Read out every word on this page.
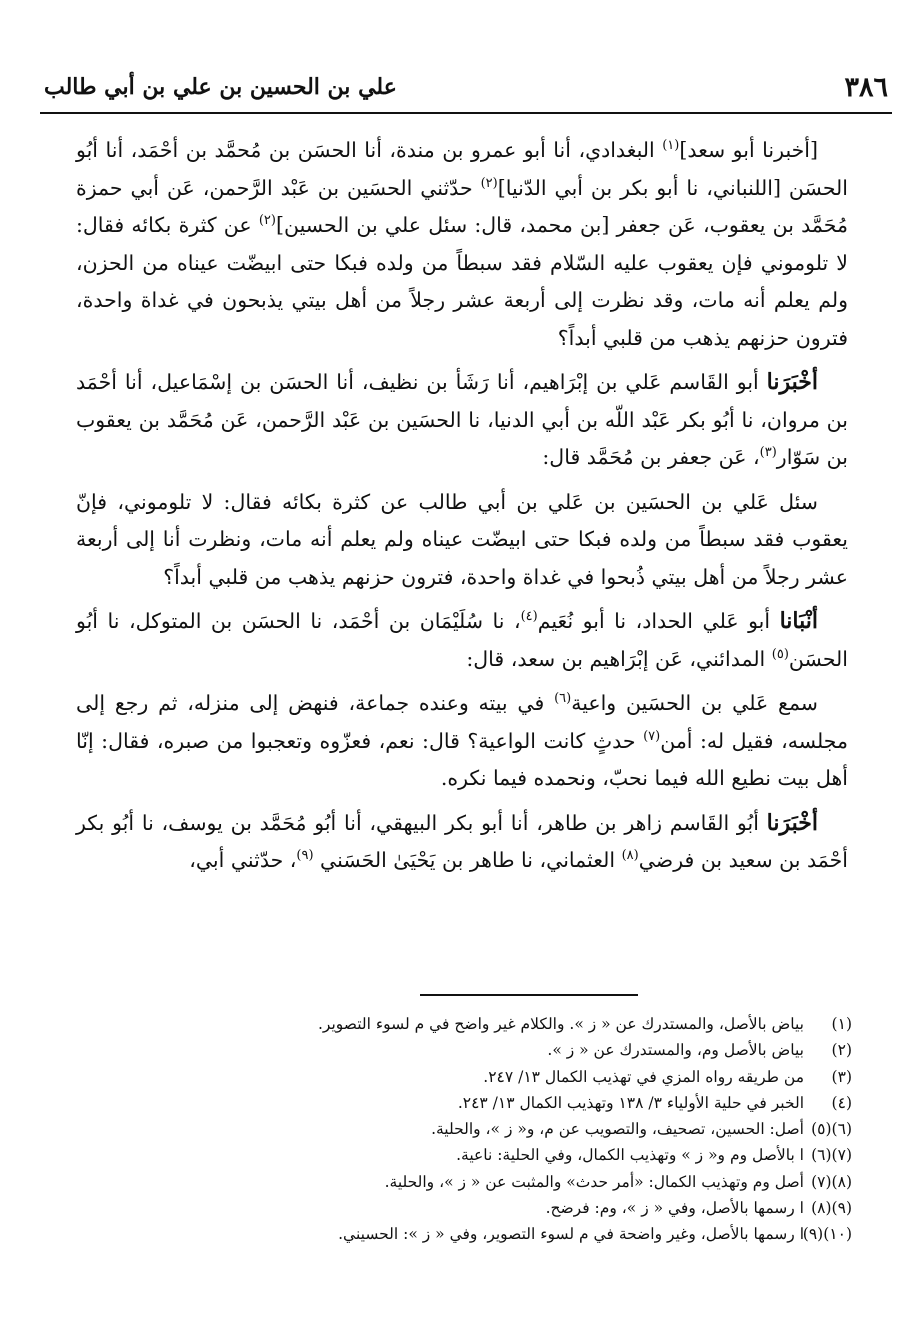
٣٨٦
علي بن الحسين بن علي بن أبي طالب

[أخبرنا أبو سعد]$^{(١)}$ البغدادي، أنا أبو عمرو بن مندة، أنا الحسَن بن مُحمَّد بن أحْمَد، أنا أبُو الحسَن [اللنباني، نا أبو بكر بن أبي الدّنيا]$^{(٢)}$ حدّثني الحسَين بن عَبْد الرَّحمن، عَن أبي حمزة مُحَمَّد بن يعقوب، عَن جعفر [بن محمد، قال: سئل علي بن الحسين]$^{(٢)}$ عن كثرة بكائه فقال: لا تلوموني فإن يعقوب عليه السّلام فقد سبطاً من ولده فبكا حتى ابيضّت عيناه من الحزن، ولم يعلم أنه مات، وقد نظرت إلى أربعة عشر رجلاً من أهل بيتي يذبحون في غداة واحدة، فترون حزنهم يذهب من قلبي أبداً؟

أخْبَرَنا أبو القَاسم عَلي بن إبْرَاهيم، أنا رَشَأ بن نظيف، أنا الحسَن بن إسْمَاعيل، أنا أحْمَد بن مروان، نا أبُو بكر عَبْد اللّه بن أبي الدنيا، نا الحسَين بن عَبْد الرَّحمن، عَن مُحَمَّد بن يعقوب بن سَوّار$^{(٣)}$، عَن جعفر بن مُحَمَّد قال:

سئل عَلي بن الحسَين بن عَلي بن أبي طالب عن كثرة بكائه فقال: لا تلوموني، فإنّ يعقوب فقد سبطاً من ولده فبكا حتى ابيضّت عيناه ولم يعلم أنه مات، ونظرت أنا إلى أربعة عشر رجلاً من أهل بيتي ذُبحوا في غداة واحدة، فترون حزنهم يذهب من قلبي أبداً؟

أنْبَانا أبو عَلي الحداد، نا أبو نُعَيم$^{(٤)}$، نا سُلَيْمَان بن أحْمَد، نا الحسَن بن المتوكل، نا أبُو الحسَن$^{(٥)}$ المدائني، عَن إبْرَاهيم بن سعد، قال:

سمع عَلي بن الحسَين واعية$^{(٦)}$ في بيته وعنده جماعة، فنهض إلى منزله، ثم رجع إلى مجلسه، فقيل له: أمن$^{(٧)}$ حدثٍ كانت الواعية؟ قال: نعم، فعزّوه وتعجبوا من صبره، فقال: إنّا أهل بيت نطيع الله فيما نحبّ، ونحمده فيما نكره.

أخْبَرَنا أبُو القَاسم زاهر بن طاهر، أنا أبو بكر البيهقي، أنا أبُو مُحَمَّد بن يوسف، نا أبُو بكر أحْمَد بن سعيد بن فرضي$^{(٨)}$ العثماني، نا طاهر بن يَحْيَىٰ الحَسَني $^{(٩)}$، حدّثني أبي،

(١)
بياض بالأصل، والمستدرك عن « ز ». والكلام غير واضح في م لسوء التصوير.
(٢)
بياض بالأصل وم، والمستدرك عن « ز ».
(٣)
من طريقه رواه المزي في تهذيب الكمال ١٣/ ٢٤٧.
(٤)
الخبر في حلية الأولياء ٣/ ١٣٨ وتهذيب الكمال ١٣/ ٢٤٣.
(٦)(٥)
أصل: الحسين، تصحيف، والتصويب عن م، و« ز »، والحلية.
(٧)(٦)
ا بالأصل وم و« ز » وتهذيب الكمال، وفي الحلية: ناعية.
(٨)(٧)
أصل وم وتهذيب الكمال: «أمر حدث» والمثبت عن « ز »، والحلية.
(٩)(٨)
ا رسمها بالأصل، وفي « ز »، وم: فرضح.
(١٠)(٩)
ا رسمها بالأصل، وغير واضحة في م لسوء التصوير، وفي « ز »: الحسيني.
